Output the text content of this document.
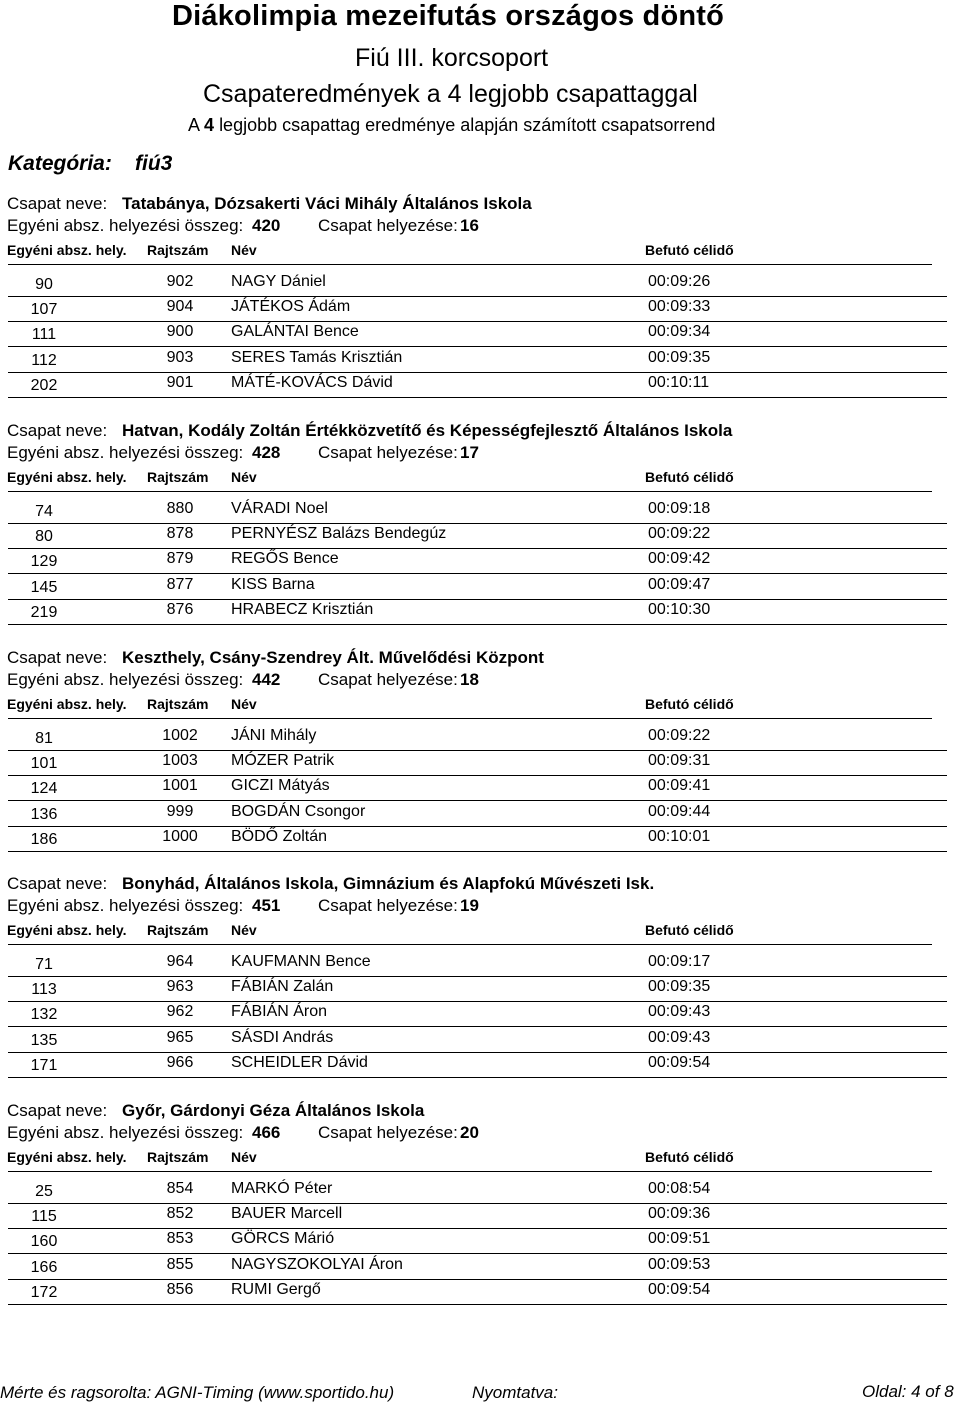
Diákolimpia mezeifutás országos döntő
Fiú III. korcsoport
Csapateredmények a 4 legjobb csapattaggal
A 4 legjobb csapattag eredménye alapján számított csapatsorrend
Kategória: fiú3
Csapat neve: Tatabánya, Dózsakerti Váci Mihály Általános Iskola
Egyéni absz. helyezési összeg: 420 Csapat helyezése: 16
Egyéni absz. hely. Rajtszám Név	Befutó célidő
90	902	NAGY Dániel	00:09:26
107	904	JÁTÉKOS Ádám	00:09:33
111	900	GALÁNTAI Bence	00:09:34
112	903	SERES Tamás Krisztián	00:09:35
202	901	MÁTÉ-KOVÁCS Dávid	00:10:11
Csapat neve: Hatvan, Kodály Zoltán Értékközvetítő és Képességfejlesztő Általános Iskola
Egyéni absz. helyezési összeg: 428 Csapat helyezése: 17
Egyéni absz. hely. Rajtszám Név	Befutó célidő
74	880	VÁRADI Noel	00:09:18
80	878	PERNYÉSZ Balázs Bendegúz	00:09:22
129	879	REGŐS Bence	00:09:42
145	877	KISS Barna	00:09:47
219	876	HRABECZ Krisztián	00:10:30
Csapat neve: Keszthely, Csány-Szendrey Ált. Művelődési Központ
Egyéni absz. helyezési összeg: 442 Csapat helyezése: 18
Egyéni absz. hely. Rajtszám Név	Befutó célidő
81	1002	JÁNI Mihály	00:09:22
101	1003	MÓZER Patrik	00:09:31
124	1001	GICZI Mátyás	00:09:41
136	999	BOGDÁN Csongor	00:09:44
186	1000	BÖDŐ Zoltán	00:10:01
Csapat neve: Bonyhád, Általános Iskola, Gimnázium és Alapfokú Művészeti Isk.
Egyéni absz. helyezési összeg: 451 Csapat helyezése: 19
Egyéni absz. hely. Rajtszám Név	Befutó célidő
71	964	KAUFMANN Bence	00:09:17
113	963	FÁBIÁN Zalán	00:09:35
132	962	FÁBIÁN Áron	00:09:43
135	965	SÁSDI András	00:09:43
171	966	SCHEIDLER Dávid	00:09:54
Csapat neve: Győr, Gárdonyi Géza Általános Iskola
Egyéni absz. helyezési összeg: 466 Csapat helyezése: 20
Egyéni absz. hely. Rajtszám Név	Befutó célidő
25	854	MARKÓ Péter	00:08:54
115	852	BAUER Marcell	00:09:36
160	853	GÖRCS Márió	00:09:51
166	855	NAGYSZOKOLYAI Áron	00:09:53
172	856	RUMI Gergő	00:09:54
Mérte és ragsorolta: AGNI-Timing (www.sportido.hu)	Nyomtatva:	Oldal: 4 of 8
